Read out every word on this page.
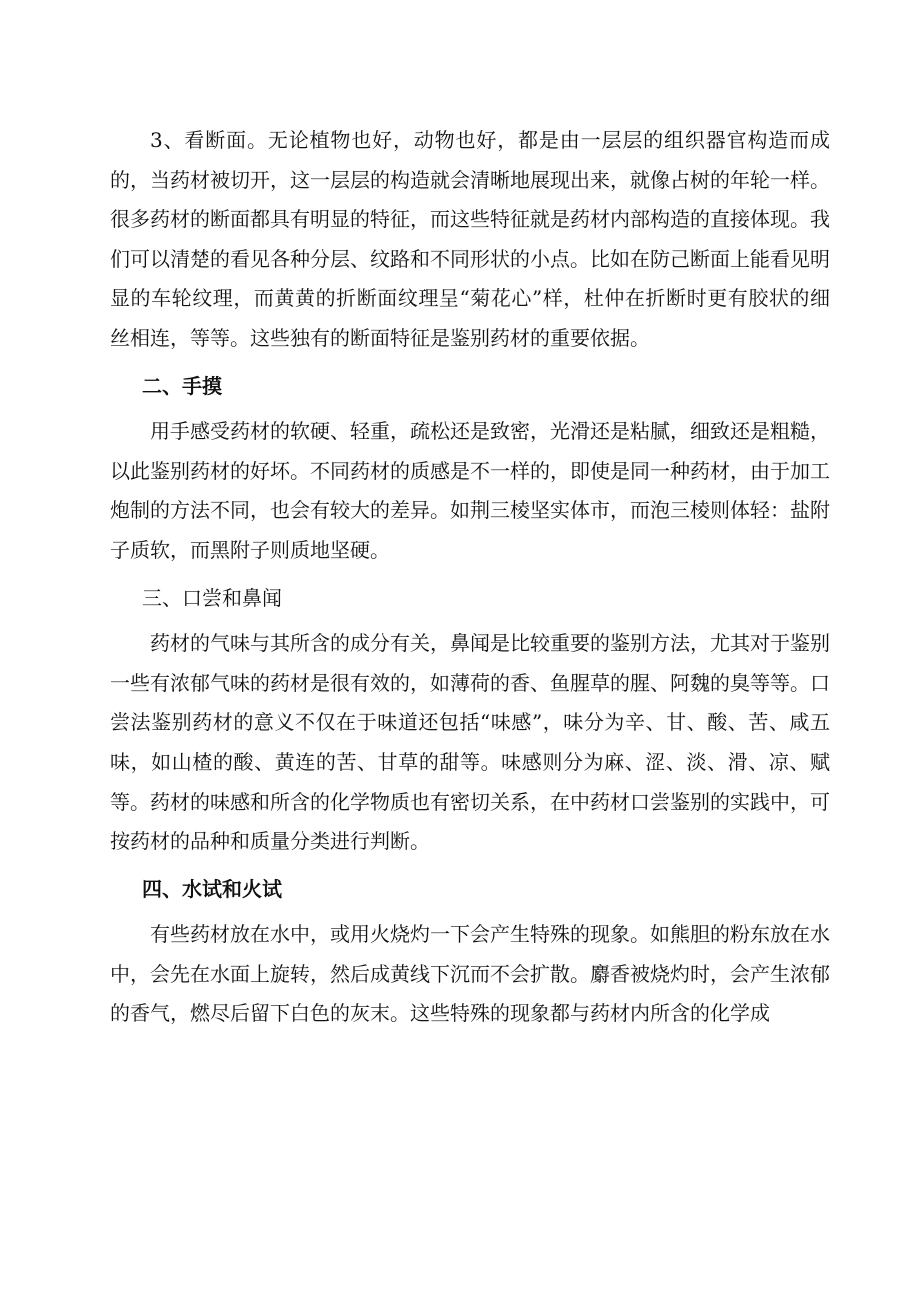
3、看断面。无论植物也好，动物也好，都是由一层层的组织器官构造而成的，当药材被切开，这一层层的构造就会清晰地展现出来，就像占树的年轮一样。很多药材的断面都具有明显的特征，而这些特征就是药材内部构造的直接体现。我们可以清楚的看见各种分层、纹路和不同形状的小点。比如在防己断面上能看见明显的车轮纹理，而黄黄的折断面纹理呈“菊花心”样，杜仲在折断时更有胶状的细丝相连，等等。这些独有的断面特征是鉴别药材的重要依据。

二、手摸

用手感受药材的软硬、轻重，疏松还是致密，光滑还是粘腻，细致还是粗糙，以此鉴别药材的好坏。不同药材的质感是不一样的，即使是同一种药材，由于加工炮制的方法不同，也会有较大的差异。如荆三棱坚实体市，而泡三棱则体轻：盐附子质软，而黑附子则质地坚硬。

三、口尝和鼻闻

药材的气味与其所含的成分有关，鼻闻是比较重要的鉴别方法，尤其对于鉴别一些有浓郁气味的药材是很有效的，如薄荷的香、鱼腥草的腥、阿魏的臭等等。口尝法鉴别药材的意义不仅在于味道还包括“味感”，味分为辛、甘、酸、苦、咸五味，如山楂的酸、黄连的苦、甘草的甜等。味感则分为麻、涩、淡、滑、凉、赋等。药材的味感和所含的化学物质也有密切关系，在中药材口尝鉴别的实践中，可按药材的品种和质量分类进行判断。

四、水试和火试

有些药材放在水中，或用火烧灼一下会产生特殊的现象。如熊胆的粉东放在水中，会先在水面上旋转，然后成黄线下沉而不会扩散。麝香被烧灼时，会产生浓郁的香气，燃尽后留下白色的灰末。这些特殊的现象都与药材内所含的化学成
